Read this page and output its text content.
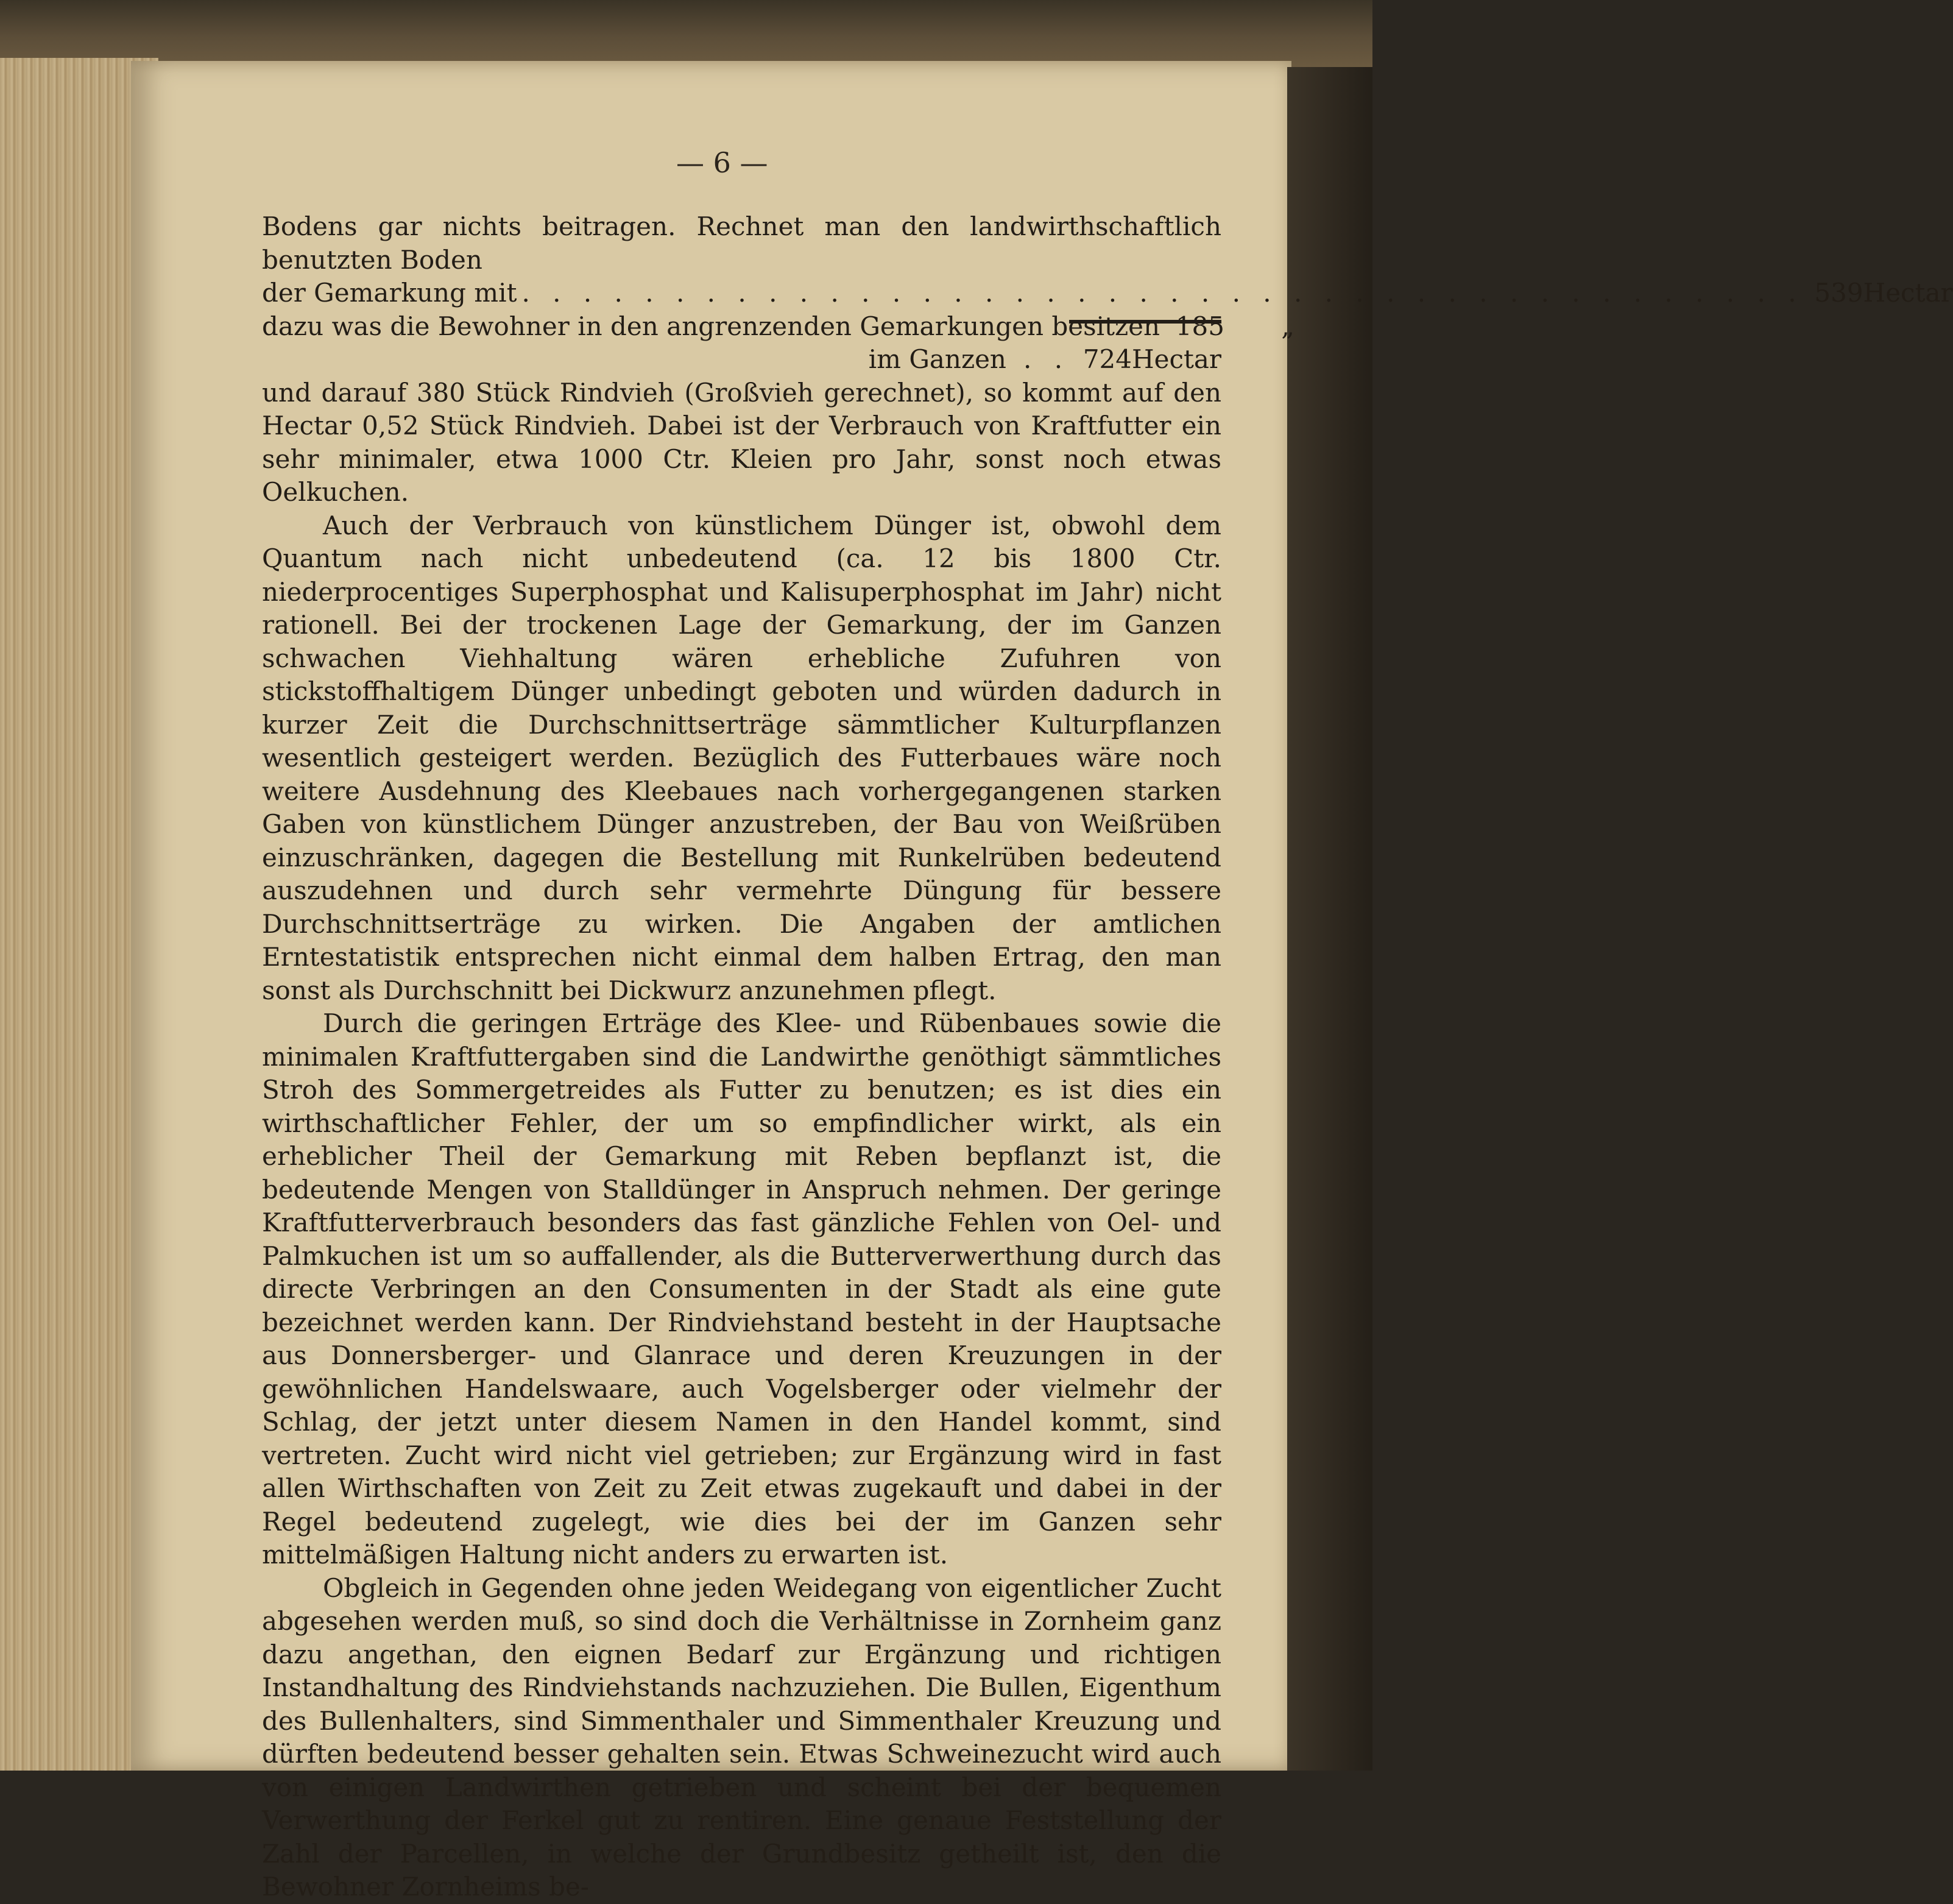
— 6 —

Bodens gar nichts beitragen. Rechnet man den landwirthschaftlich benutzten Boden

der Gemarkung mit . . . . . . . . . . . . . . . . . . . . . . . . . . . . . . . . . . . . . . . . . . 539 Hectar
dazu was die Bewohner in den angrenzenden Gemarkungen besitzen 185	„
im Ganzen . . 724 Hectar

und darauf 380 Stück Rindvieh (Großvieh gerechnet), so kommt auf den Hectar 0,52 Stück Rindvieh. Dabei ist der Verbrauch von Kraftfutter ein sehr minimaler, etwa 1000 Ctr. Kleien pro Jahr, sonst noch etwas Oelkuchen.

Auch der Verbrauch von künstlichem Dünger ist, obwohl dem Quantum nach nicht unbedeutend (ca. 12 bis 1800 Ctr. niederprocentiges Superphosphat und Kalisuperphosphat im Jahr) nicht rationell. Bei der trockenen Lage der Gemarkung, der im Ganzen schwachen Viehhaltung wären erhebliche Zufuhren von stickstoffhaltigem Dünger unbedingt geboten und würden dadurch in kurzer Zeit die Durchschnittserträge sämmtlicher Kulturpflanzen wesentlich gesteigert werden. Bezüglich des Futterbaues wäre noch weitere Ausdehnung des Kleebaues nach vorhergegangenen starken Gaben von künstlichem Dünger anzustreben, der Bau von Weißrüben einzuschränken, dagegen die Bestellung mit Runkelrüben bedeutend auszudehnen und durch sehr vermehrte Düngung für bessere Durchschnittserträge zu wirken. Die Angaben der amtlichen Erntestatistik entsprechen nicht einmal dem halben Ertrag, den man sonst als Durchschnitt bei Dickwurz anzunehmen pflegt.

Durch die geringen Erträge des Klee- und Rübenbaues sowie die minimalen Kraftfuttergaben sind die Landwirthe genöthigt sämmtliches Stroh des Sommergetreides als Futter zu benutzen; es ist dies ein wirthschaftlicher Fehler, der um so empfindlicher wirkt, als ein erheblicher Theil der Gemarkung mit Reben bepflanzt ist, die bedeutende Mengen von Stalldünger in Anspruch nehmen. Der geringe Kraftfutterverbrauch besonders das fast gänzliche Fehlen von Oel- und Palmkuchen ist um so auffallender, als die Butterverwerthung durch das directe Verbringen an den Consumenten in der Stadt als eine gute bezeichnet werden kann. Der Rindviehstand besteht in der Hauptsache aus Donnersberger- und Glanrace und deren Kreuzungen in der gewöhnlichen Handelswaare, auch Vogelsberger oder vielmehr der Schlag, der jetzt unter diesem Namen in den Handel kommt, sind vertreten. Zucht wird nicht viel getrieben; zur Ergänzung wird in fast allen Wirthschaften von Zeit zu Zeit etwas zugekauft und dabei in der Regel bedeutend zugelegt, wie dies bei der im Ganzen sehr mittelmäßigen Haltung nicht anders zu erwarten ist.

Obgleich in Gegenden ohne jeden Weidegang von eigentlicher Zucht abgesehen werden muß, so sind doch die Verhältnisse in Zornheim ganz dazu angethan, den eignen Bedarf zur Ergänzung und richtigen Instandhaltung des Rindviehstands nachzuziehen. Die Bullen, Eigenthum des Bullenhalters, sind Simmenthaler und Simmenthaler Kreuzung und dürften bedeutend besser gehalten sein. Etwas Schweinezucht wird auch von einigen Landwirthen getrieben und scheint bei der bequemen Verwerthung der Ferkel gut zu rentiren. Eine genaue Feststellung der Zahl der Parcellen, in welche der Grundbesitz getheilt ist, den die Bewohner Zornheims be-
